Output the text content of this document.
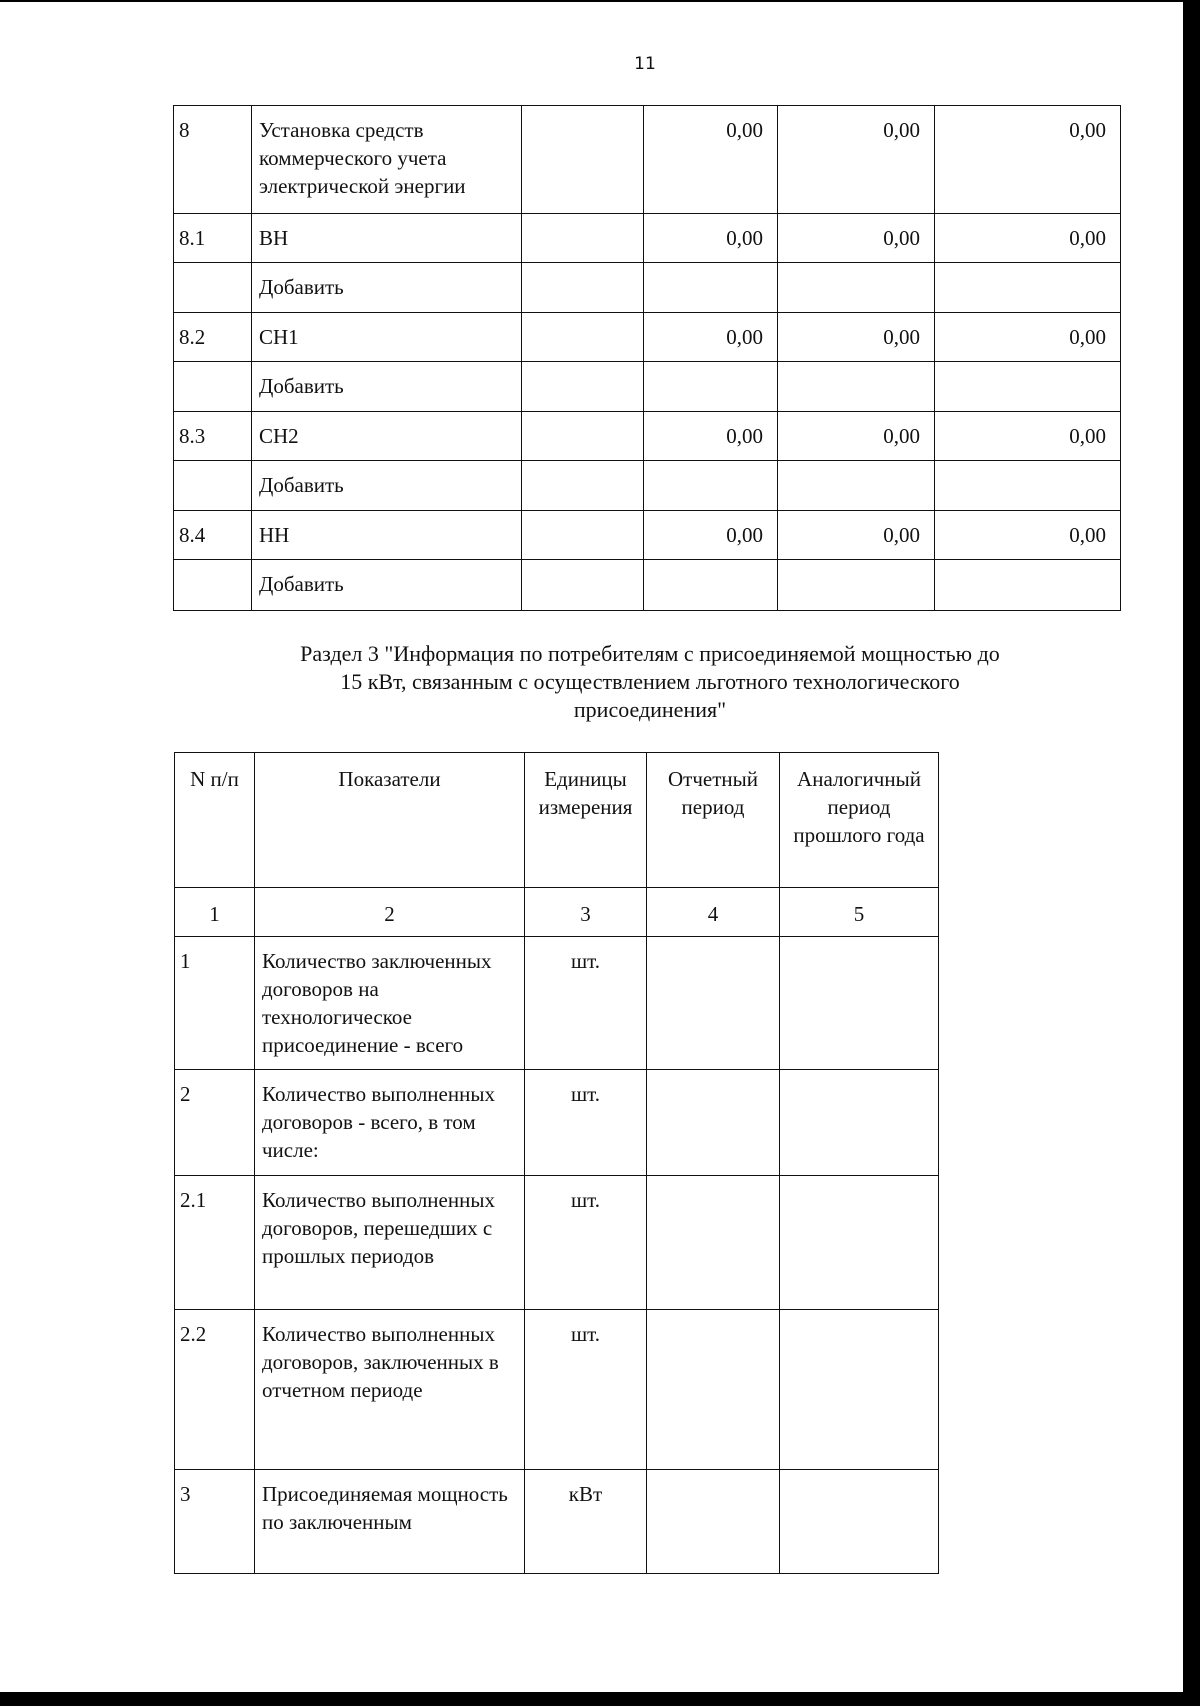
11
8	Установка средств коммерческого учета электрической энергии		0,00	0,00	0,00
8.1	ВН		0,00	0,00	0,00
	Добавить				
8.2	СН1		0,00	0,00	0,00
	Добавить				
8.3	СН2		0,00	0,00	0,00
	Добавить				
8.4	НН		0,00	0,00	0,00
	Добавить				
Раздел 3 "Информация по потребителям с присоединяемой мощностью до 15 кВт, связанным с осуществлением льготного технологического присоединения"
N п/п	Показатели	Единицы измерения	Отчетный период	Аналогичный период прошлого года
1	2	3	4	5
1	Количество заключенных договоров на технологическое присоединение - всего	шт.		
2	Количество выполненных договоров - всего, в том числе:	шт.		
2.1	Количество выполненных договоров, перешедших с прошлых периодов	шт.		
2.2	Количество выполненных договоров, заключенных в отчетном периоде	шт.		
3	Присоединяемая мощность по заключенным	кВт		
